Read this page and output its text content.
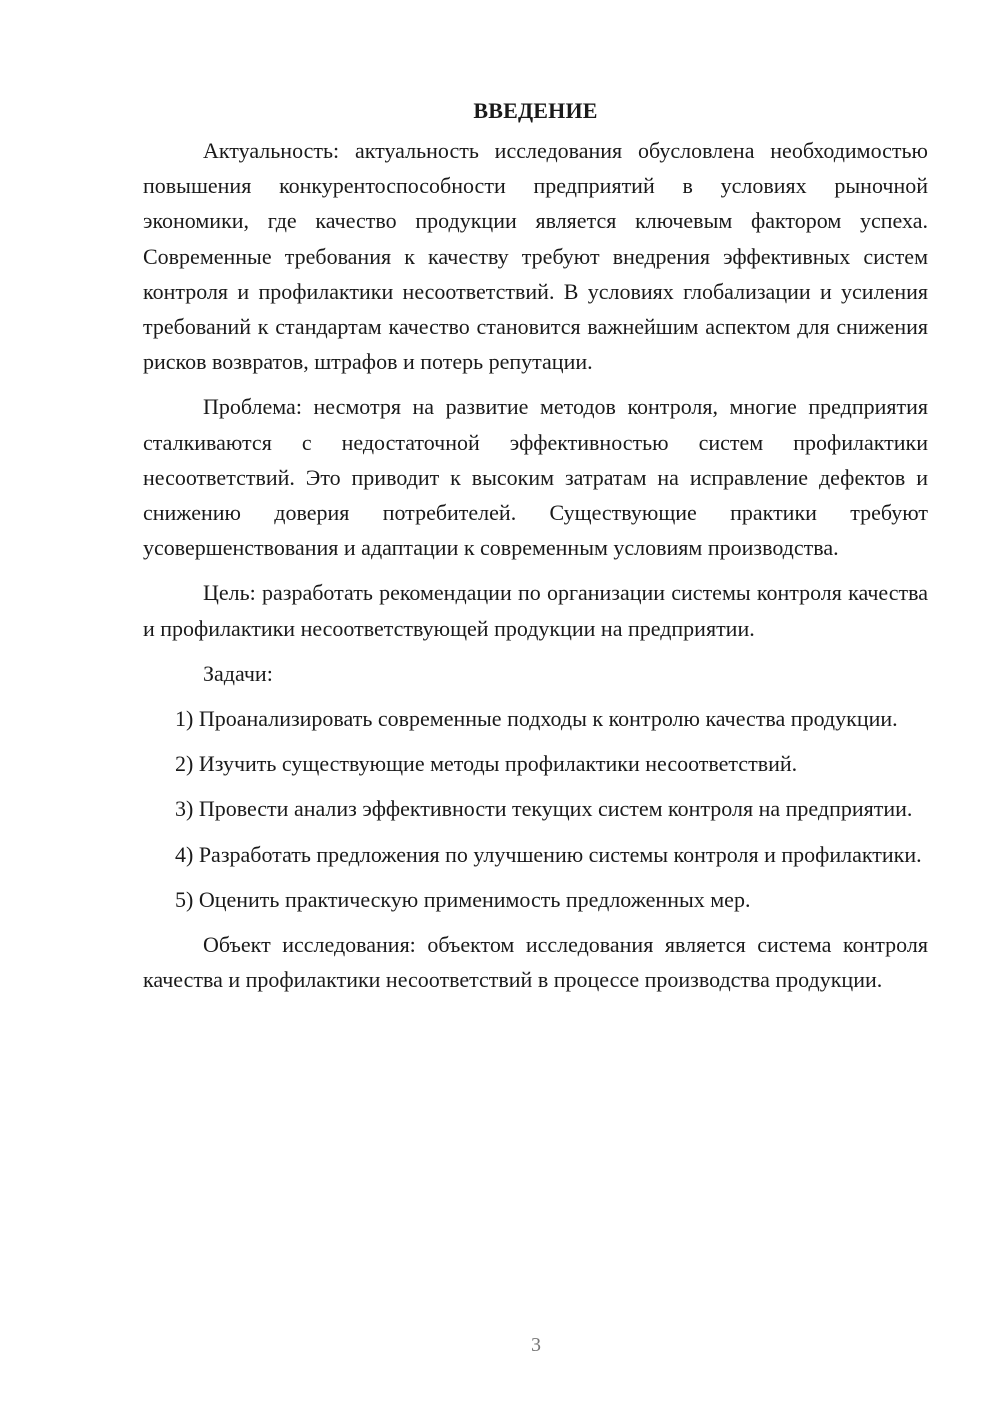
ВВЕДЕНИЕ

Актуальность: актуальность исследования обусловлена необходимостью повышения конкурентоспособности предприятий в условиях рыночной экономики, где качество продукции является ключевым фактором успеха. Современные требования к качеству требуют внедрения эффективных систем контроля и профилактики несоответствий. В условиях глобализации и усиления требований к стандартам качество становится важнейшим аспектом для снижения рисков возвратов, штрафов и потерь репутации.

Проблема: несмотря на развитие методов контроля, многие предприятия сталкиваются с недостаточной эффективностью систем профилактики несоответствий. Это приводит к высоким затратам на исправление дефектов и снижению доверия потребителей. Существующие практики требуют усовершенствования и адаптации к современным условиям производства.

Цель: разработать рекомендации по организации системы контроля качества и профилактики несоответствующей продукции на предприятии.

Задачи:

1) Проанализировать современные подходы к контролю качества продукции.

2) Изучить существующие методы профилактики несоответствий.

3) Провести анализ эффективности текущих систем контроля на предприятии.

4) Разработать предложения по улучшению системы контроля и профилактики.

5) Оценить практическую применимость предложенных мер.

Объект исследования: объектом исследования является система контроля качества и профилактики несоответствий в процессе производства продукции.

3
